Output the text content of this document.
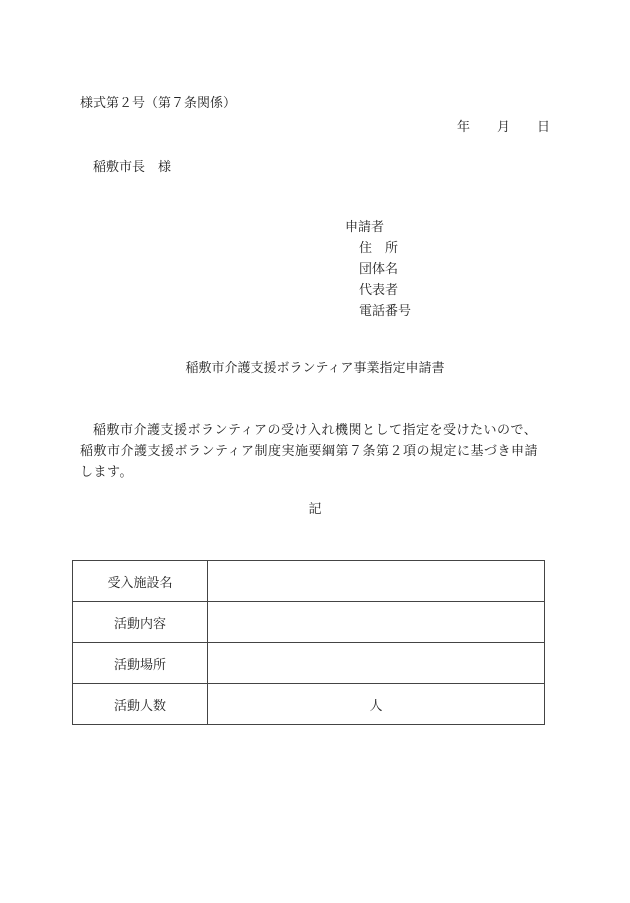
様式第２号（第７条関係）
年 月 日
稲敷市長　様
申請者
住　所
団体名
代表者
電話番号
稲敷市介護支援ボランティア事業指定申請書
稲敷市介護支援ボランティアの受け入れ機関として指定を受けたいので、稲敷市介護支援ボランティア制度実施要綱第７条第２項の規定に基づき申請します。
記
受入施設名	
活動内容	
活動場所	
活動人数	人
